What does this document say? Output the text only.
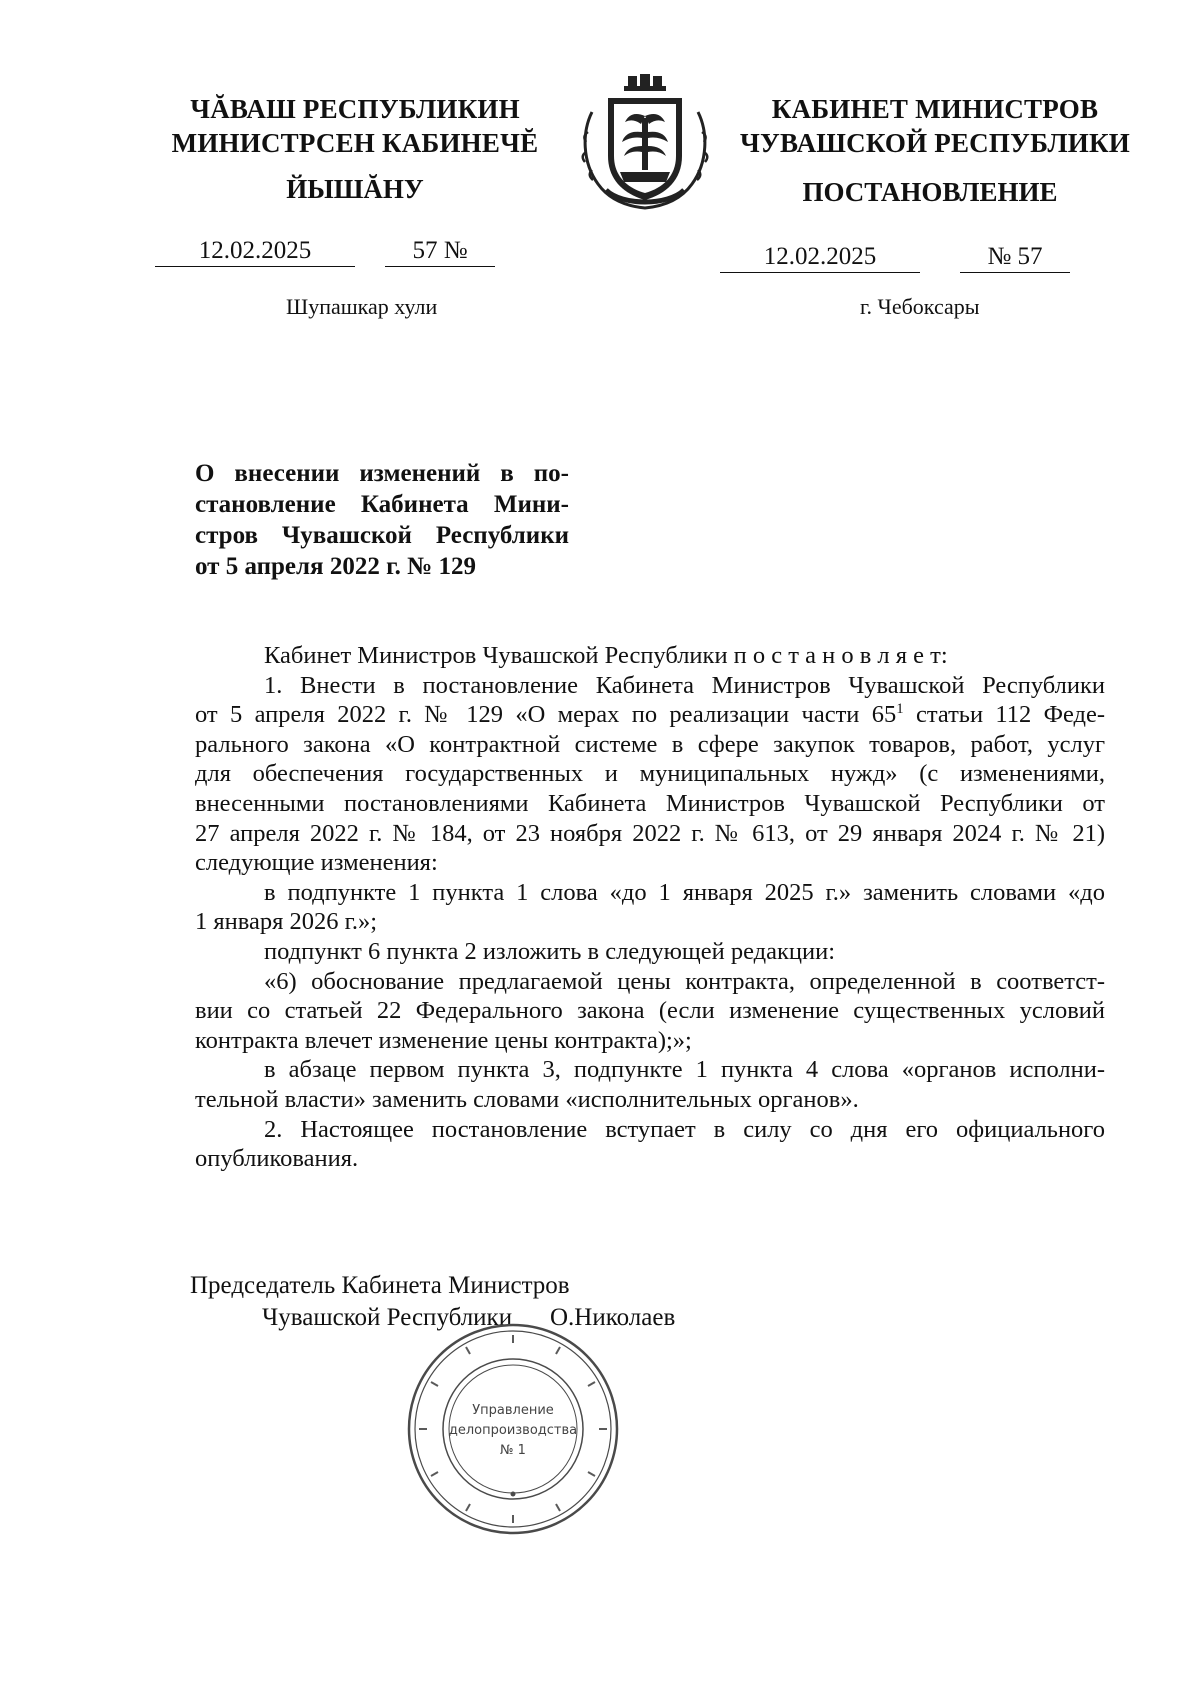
ЧĂВАШ РЕСПУБЛИКИН
МИНИСТРСЕН КАБИНЕЧĔ
ЙЫШĂНУ
КАБИНЕТ МИНИСТРОВ
ЧУВАШСКОЙ РЕСПУБЛИКИ
ПОСТАНОВЛЕНИЕ
12.02.2025	57 №	12.02.2025	№ 57
Шупашкар хули	г. Чебоксары
О внесении изменений в по-
становление Кабинета Мини-
стров Чувашской Республики
от 5 апреля 2022 г. № 129
Кабинет Министров Чувашской Республики п о с т а н о в л я е т:
1. Внести в постановление Кабинета Министров Чувашской Республики
от 5 апреля 2022 г. № 129 «О мерах по реализации части $65^1$ статьи 112 Феде-
рального закона «О контрактной системе в сфере закупок товаров, работ, услуг
для обеспечения государственных и муниципальных нужд» (с изменениями,
внесенными постановлениями Кабинета Министров Чувашской Республики от
27 апреля 2022 г. № 184, от 23 ноября 2022 г. № 613, от 29 января 2024 г. № 21)
следующие изменения:
в подпункте 1 пункта 1 слова «до 1 января 2025 г.» заменить словами «до
1 января 2026 г.»;
подпункт 6 пункта 2 изложить в следующей редакции:
«6) обоснование предлагаемой цены контракта, определенной в соответст-
вии со статьей 22 Федерального закона (если изменение существенных условий
контракта влечет изменение цены контракта);»;
в абзаце первом пункта 3, подпункте 1 пункта 4 слова «органов исполни-
тельной власти» заменить словами «исполнительных органов».
2. Настоящее постановление вступает в силу со дня его официального
опубликования.
Председатель Кабинета Министров
Чувашской Республики О.Николаев
Управление
делопроизводства
№ 1
